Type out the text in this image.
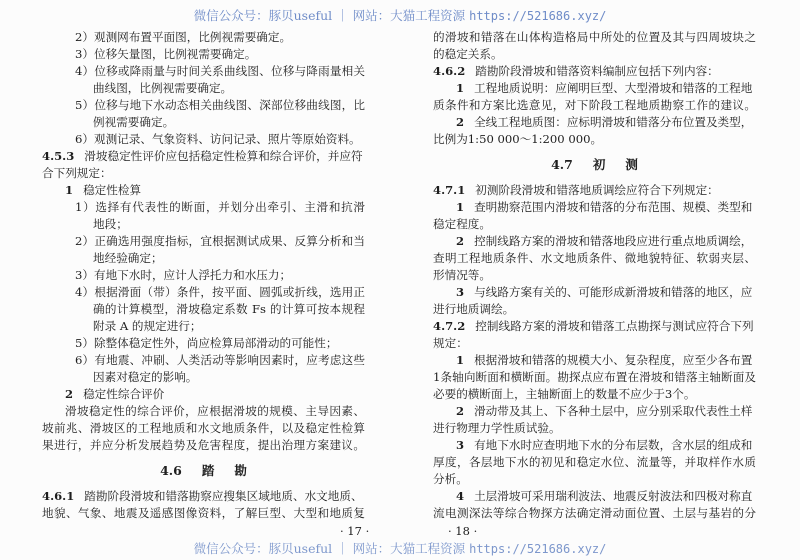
微信公众号：豚贝useful ｜ 网站：大猫工程资源 https://521686.xyz/
2）观测网布置平面图，比例视需要确定。
3）位移矢量图，比例视需要确定。
4）位移或降雨量与时间关系曲线图、位移与降雨量相关
曲线图，比例视需要确定。
5）位移与地下水动态相关曲线图、深部位移曲线图，比
例视需要确定。
6）观测记录、气象资料、访问记录、照片等原始资料。
4.5.3 滑坡稳定性评价应包括稳定性检算和综合评价，并应符
合下列规定：
1 稳定性检算
1）选择有代表性的断面，并划分出牵引、主滑和抗滑
地段；
2）正确选用强度指标，宜根据测试成果、反算分析和当
地经验确定；
3）有地下水时，应计人浮托力和水压力；
4）根据滑面（带）条件，按平面、圆弧或折线，选用正
确的计算模型，滑坡稳定系数 Fs 的计算可按本规程
附录 A 的规定进行；
5）除整体稳定性外，尚应检算局部滑动的可能性；
6）有地震、冲刷、人类活动等影响因素时，应考虑这些
因素对稳定的影响。
2 稳定性综合评价
滑坡稳定性的综合评价，应根据滑坡的规模、主导因素、
坡前兆、滑坡区的工程地质和水文地质条件，以及稳定性检算
果进行，并应分析发展趋势及危害程度，提出治理方案建议。
4.6 踏 勘
4.6.1 踏勘阶段滑坡和错落勘察应搜集区域地质、水文地质、
地貌、气象、地震及遥感图像资料，了解巨型、大型和地质复
· 17 ·
的滑坡和错落在山体构造格局中所处的位置及其与四周坡块之
的稳定关系。
4.6.2 踏勘阶段滑坡和错落资料编制应包括下列内容：
1 工程地质说明：应阐明巨型、大型滑坡和错落的工程地
质条件和方案比选意见，对下阶段工程地质勘察工作的建议。
2 全线工程地质图：应标明滑坡和错落分布位置及类型，
比例为1:50 000～1:200 000。
4.7 初 测
4.7.1 初测阶段滑坡和错落地质调绘应符合下列规定：
1 查明勘察范围内滑坡和错落的分布范围、规模、类型和
稳定程度。
2 控制线路方案的滑坡和错落地段应进行重点地质调绘，
查明工程地质条件、水文地质条件、微地貌特征、软弱夹层、
形情况等。
3 与线路方案有关的、可能形成新滑坡和错落的地区，应
进行地质调绘。
4.7.2 控制线路方案的滑坡和错落工点勘探与测试应符合下列
规定：
1 根据滑坡和错落的规模大小、复杂程度，应至少各布置
1条轴向断面和横断面。勘探点应布置在滑坡和错落主轴断面及
必要的横断面上，主轴断面上的数量不应少于3个。
2 滑动带及其上、下各种土层中，应分别采取代表性土样
进行物理力学性质试验。
3 有地下水时应查明地下水的分布层数，含水层的组成和
厚度，各层地下水的初见和稳定水位、流量等，并取样作水质
分析。
4 土层滑坡可采用瑞利波法、地震反射波法和四极对称直
流电测深法等综合物探方法确定滑动面位置、土层与基岩的分
· 18 ·
微信公众号：豚贝useful ｜ 网站：大猫工程资源 https://521686.xyz/
